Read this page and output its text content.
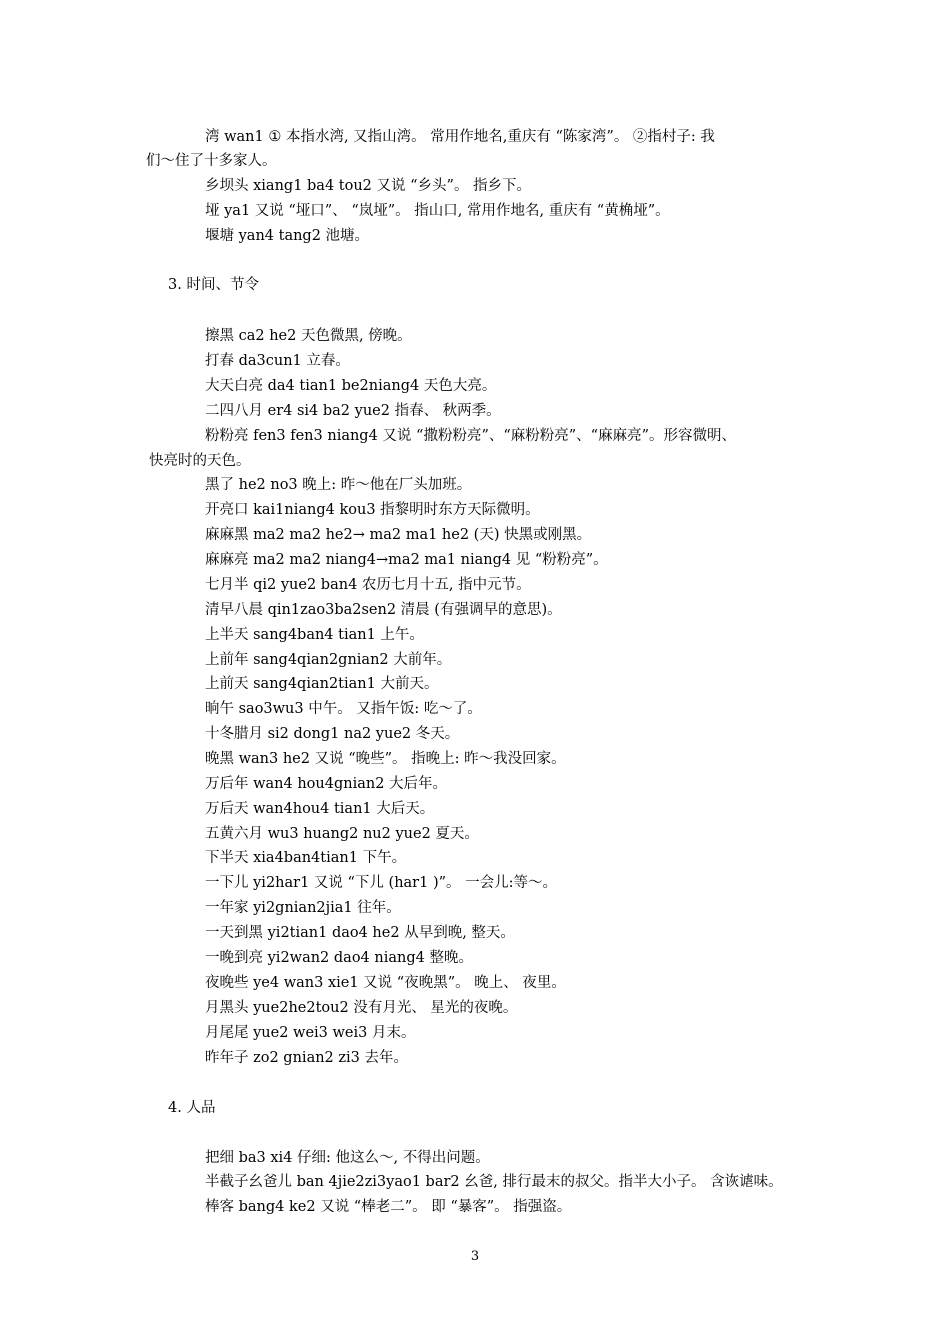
湾 wan1 ① 本指水湾, 又指山湾。 常用作地名,重庆有 “陈家湾”。 ②指村子: 我
们～住了十多家人。
乡坝头 xiang1 ba4 tou2 又说 “乡头”。 指乡下。
垭 ya1 又说 “垭口”、 “岚垭”。 指山口, 常用作地名, 重庆有 “黄桷垭”。
堰塘 yan4 tang2 池塘。
3. 时间、节令
擦黑 ca2 he2 天色微黑, 傍晚。
打春 da3cun1 立春。
大天白亮 da4 tian1 be2niang4 天色大亮。
二四八月 er4 si4 ba2 yue2 指春、 秋两季。
粉粉亮 fen3 fen3 niang4 又说 “撒粉粉亮”、“麻粉粉亮”、“麻麻亮”。形容微明、
快亮时的天色。
黑了 he2 no3 晚上: 昨～他在厂头加班。
开亮口 kai1niang4 kou3 指黎明时东方天际微明。
麻麻黑 ma2 ma2 he2→ ma2 ma1 he2 (天) 快黑或刚黑。
麻麻亮 ma2 ma2 niang4→ma2 ma1 niang4 见 “粉粉亮”。
七月半 qi2 yue2 ban4 农历七月十五, 指中元节。
清早八晨 qin1zao3ba2sen2 清晨 (有强调早的意思)。
上半天 sang4ban4 tian1 上午。
上前年 sang4qian2gnian2 大前年。
上前天 sang4qian2tian1 大前天。
晌午 sao3wu3 中午。 又指午饭: 吃～了。
十冬腊月 si2 dong1 na2 yue2 冬天。
晚黑 wan3 he2 又说 “晚些”。 指晚上: 昨～我没回家。
万后年 wan4 hou4gnian2 大后年。
万后天 wan4hou4 tian1 大后天。
五黄六月 wu3 huang2 nu2 yue2 夏天。
下半天 xia4ban4tian1 下午。
一下儿 yi2har1 又说 “下儿 (har1 )”。 一会儿:等～。
一年家 yi2gnian2jia1 往年。
一天到黑 yi2tian1 dao4 he2 从早到晚, 整天。
一晚到亮 yi2wan2 dao4 niang4 整晚。
夜晚些 ye4 wan3 xie1 又说 “夜晚黑”。 晚上、 夜里。
月黑头 yue2he2tou2 没有月光、 星光的夜晚。
月尾尾 yue2 wei3 wei3 月末。
昨年子 zo2 gnian2 zi3 去年。
4. 人品
把细 ba3 xi4 仔细: 他这么～, 不得出问题。
半截子幺爸儿 ban 4jie2zi3yao1 bar2 幺爸, 排行最末的叔父。指半大小子。 含诙谑味。
棒客 bang4 ke2 又说 “棒老二”。 即 “暴客”。 指强盗。
3
